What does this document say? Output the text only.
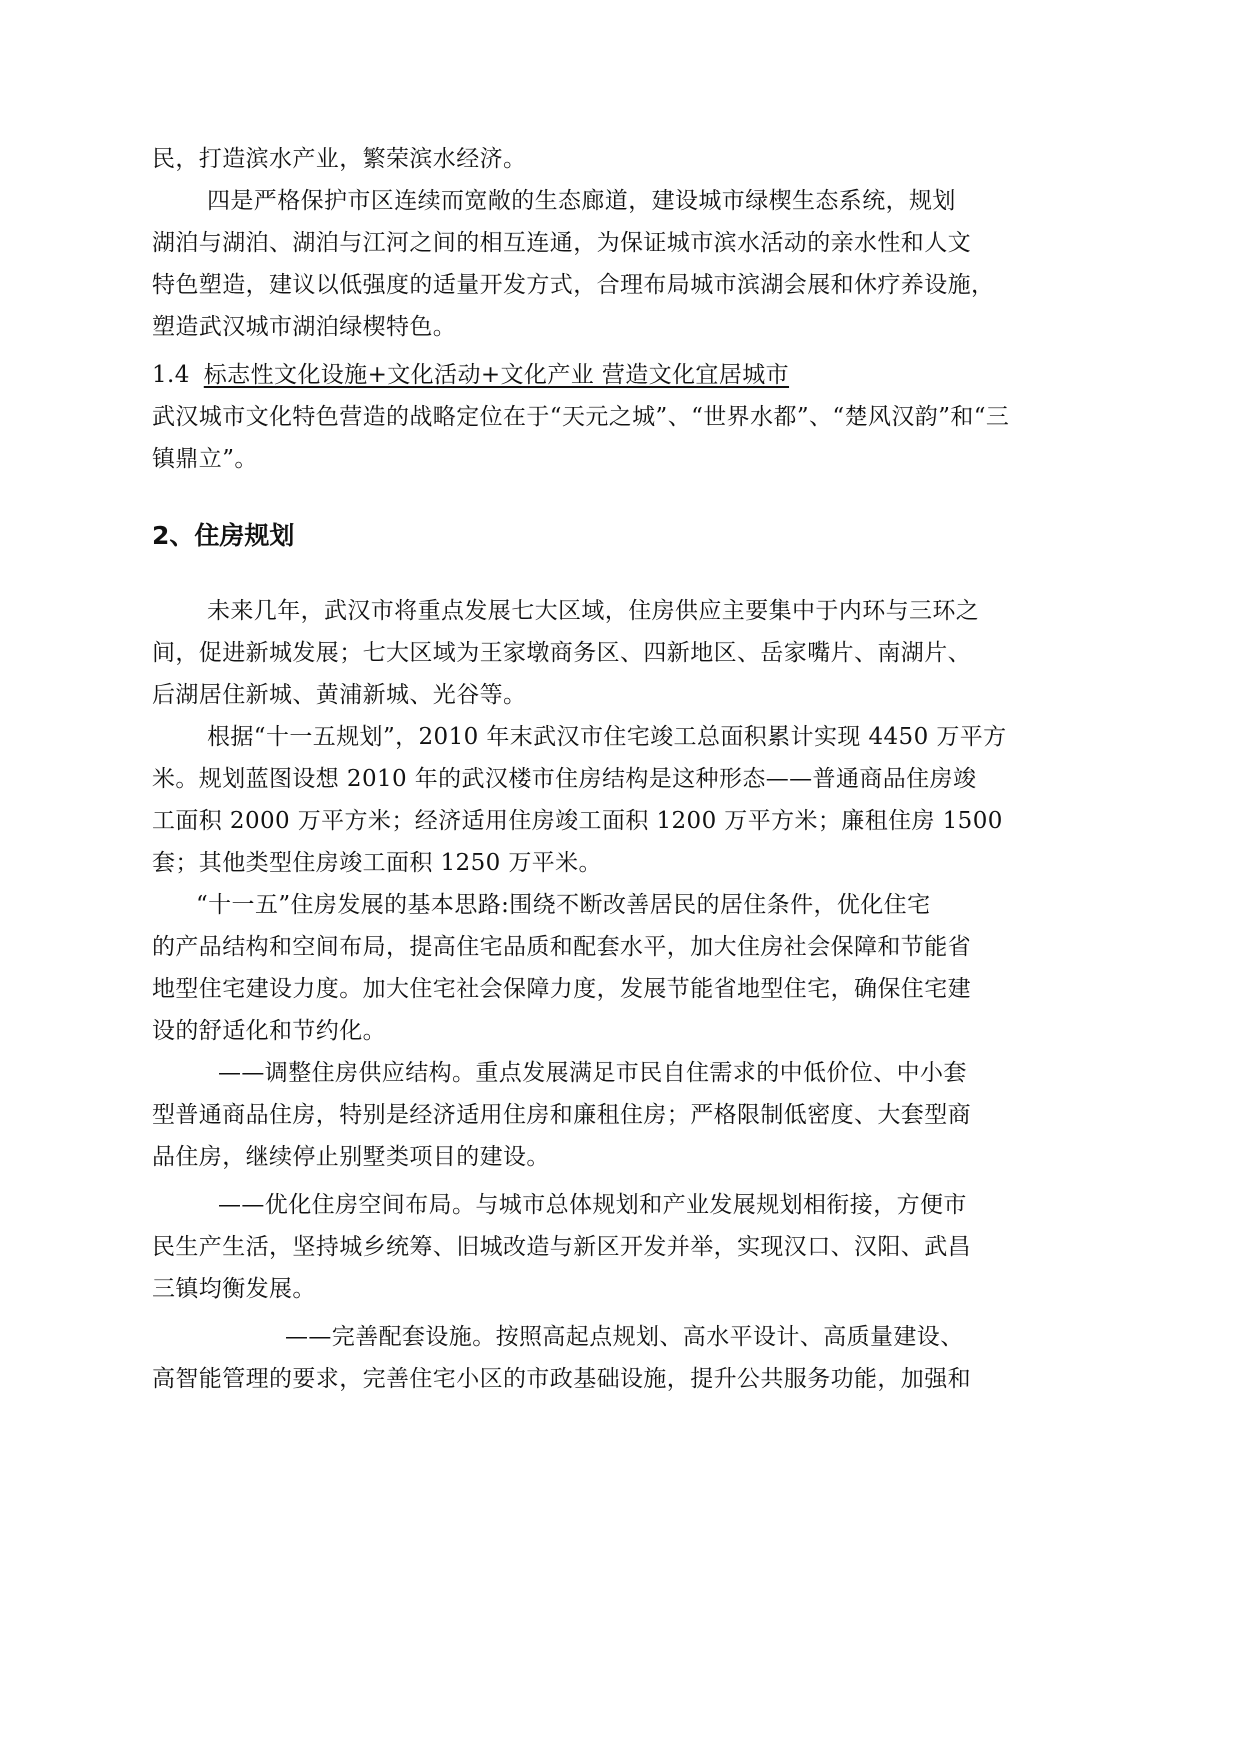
民，打造滨水产业，繁荣滨水经济。
四是严格保护市区连续而宽敞的生态廊道，建设城市绿楔生态系统，规划
湖泊与湖泊、湖泊与江河之间的相互连通，为保证城市滨水活动的亲水性和人文
特色塑造，建议以低强度的适量开发方式，合理布局城市滨湖会展和休疗养设施，
塑造武汉城市湖泊绿楔特色。
1.4 标志性文化设施+文化活动+文化产业 营造文化宜居城市
武汉城市文化特色营造的战略定位在于“天元之城”、“世界水都”、“楚风汉韵”和“三
镇鼎立”。
2、住房规划
未来几年，武汉市将重点发展七大区域，住房供应主要集中于内环与三环之
间，促进新城发展；七大区域为王家墩商务区、四新地区、岳家嘴片、南湖片、
后湖居住新城、黄浦新城、光谷等。
根据“十一五规划”，2010 年末武汉市住宅竣工总面积累计实现 4450 万平方
米。规划蓝图设想 2010 年的武汉楼市住房结构是这种形态——普通商品住房竣
工面积 2000 万平方米；经济适用住房竣工面积 1200 万平方米；廉租住房 1500
套；其他类型住房竣工面积 1250 万平米。
“十一五”住房发展的基本思路:围绕不断改善居民的居住条件，优化住宅
的产品结构和空间布局，提高住宅品质和配套水平，加大住房社会保障和节能省
地型住宅建设力度。加大住宅社会保障力度，发展节能省地型住宅，确保住宅建
设的舒适化和节约化。
——调整住房供应结构。重点发展满足市民自住需求的中低价位、中小套
型普通商品住房，特别是经济适用住房和廉租住房；严格限制低密度、大套型商
品住房，继续停止别墅类项目的建设。
——优化住房空间布局。与城市总体规划和产业发展规划相衔接，方便市
民生产生活，坚持城乡统筹、旧城改造与新区开发并举，实现汉口、汉阳、武昌
三镇均衡发展。
——完善配套设施。按照高起点规划、高水平设计、高质量建设、
高智能管理的要求，完善住宅小区的市政基础设施，提升公共服务功能，加强和
